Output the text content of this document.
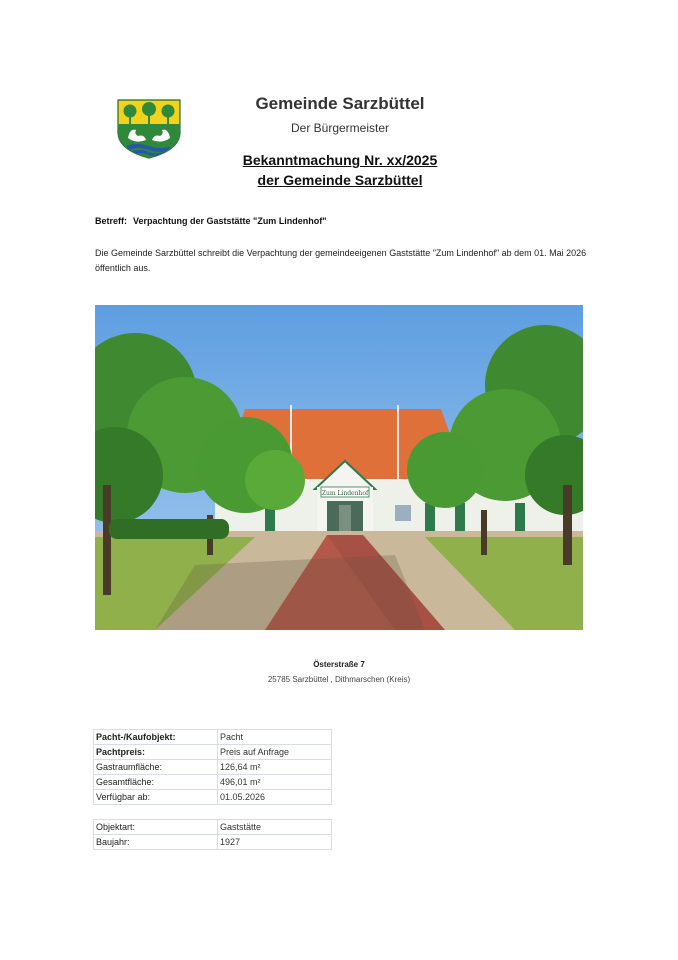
Gemeinde Sarzbüttel
Der Bürgermeister
Bekanntmachung Nr. xx/2025
der Gemeinde Sarzbüttel
Betreff: Verpachtung der Gaststätte "Zum Lindenhof"
Die Gemeinde Sarzbüttel schreibt die Verpachtung der gemeindeeigenen Gaststätte "Zum Lindenhof" ab dem 01. Mai 2026 öffentlich aus.
Zum Lindenhof
Österstraße 7
25785 Sarzbüttel , Dithmarschen (Kreis)
Pacht-/Kaufobjekt:	Pacht
Pachtpreis:	Preis auf Anfrage
Gastraumfläche:	126,64 m²
Gesamtfläche:	496,01 m²
Verfügbar ab:	01.05.2026
Objektart:	Gaststätte
Baujahr:	1927
